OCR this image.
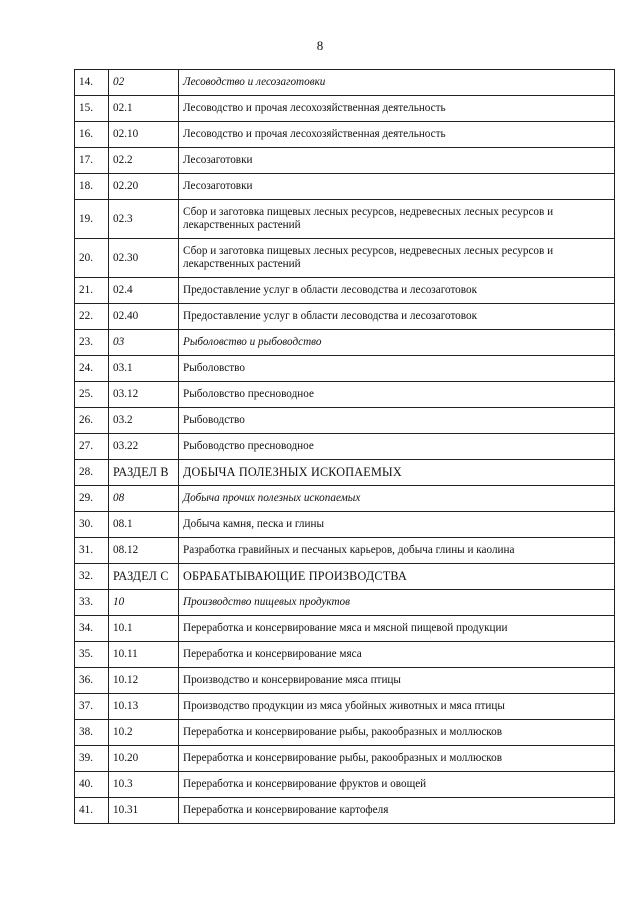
8
14.	02	Лесоводство и лесозаготовки
15.	02.1	Лесоводство и прочая лесохозяйственная деятельность
16.	02.10	Лесоводство и прочая лесохозяйственная деятельность
17.	02.2	Лесозаготовки
18.	02.20	Лесозаготовки
19.	02.3	Сбор и заготовка пищевых лесных ресурсов, недревесных лесных ресурсов и лекарственных растений
20.	02.30	Сбор и заготовка пищевых лесных ресурсов, недревесных лесных ресурсов и лекарственных растений
21.	02.4	Предоставление услуг в области лесоводства и лесозаготовок
22.	02.40	Предоставление услуг в области лесоводства и лесозаготовок
23.	03	Рыболовство и рыбоводство
24.	03.1	Рыболовство
25.	03.12	Рыболовство пресноводное
26.	03.2	Рыбоводство
27.	03.22	Рыбоводство пресноводное
28.	РАЗДЕЛ B	ДОБЫЧА ПОЛЕЗНЫХ ИСКОПАЕМЫХ
29.	08	Добыча прочих полезных ископаемых
30.	08.1	Добыча камня, песка и глины
31.	08.12	Разработка гравийных и песчаных карьеров, добыча глины и каолина
32.	РАЗДЕЛ C	ОБРАБАТЫВАЮЩИЕ ПРОИЗВОДСТВА
33.	10	Производство пищевых продуктов
34.	10.1	Переработка и консервирование мяса и мясной пищевой продукции
35.	10.11	Переработка и консервирование мяса
36.	10.12	Производство и консервирование мяса птицы
37.	10.13	Производство продукции из мяса убойных животных и мяса птицы
38.	10.2	Переработка и консервирование рыбы, ракообразных и моллюсков
39.	10.20	Переработка и консервирование рыбы, ракообразных и моллюсков
40.	10.3	Переработка и консервирование фруктов и овощей
41.	10.31	Переработка и консервирование картофеля
